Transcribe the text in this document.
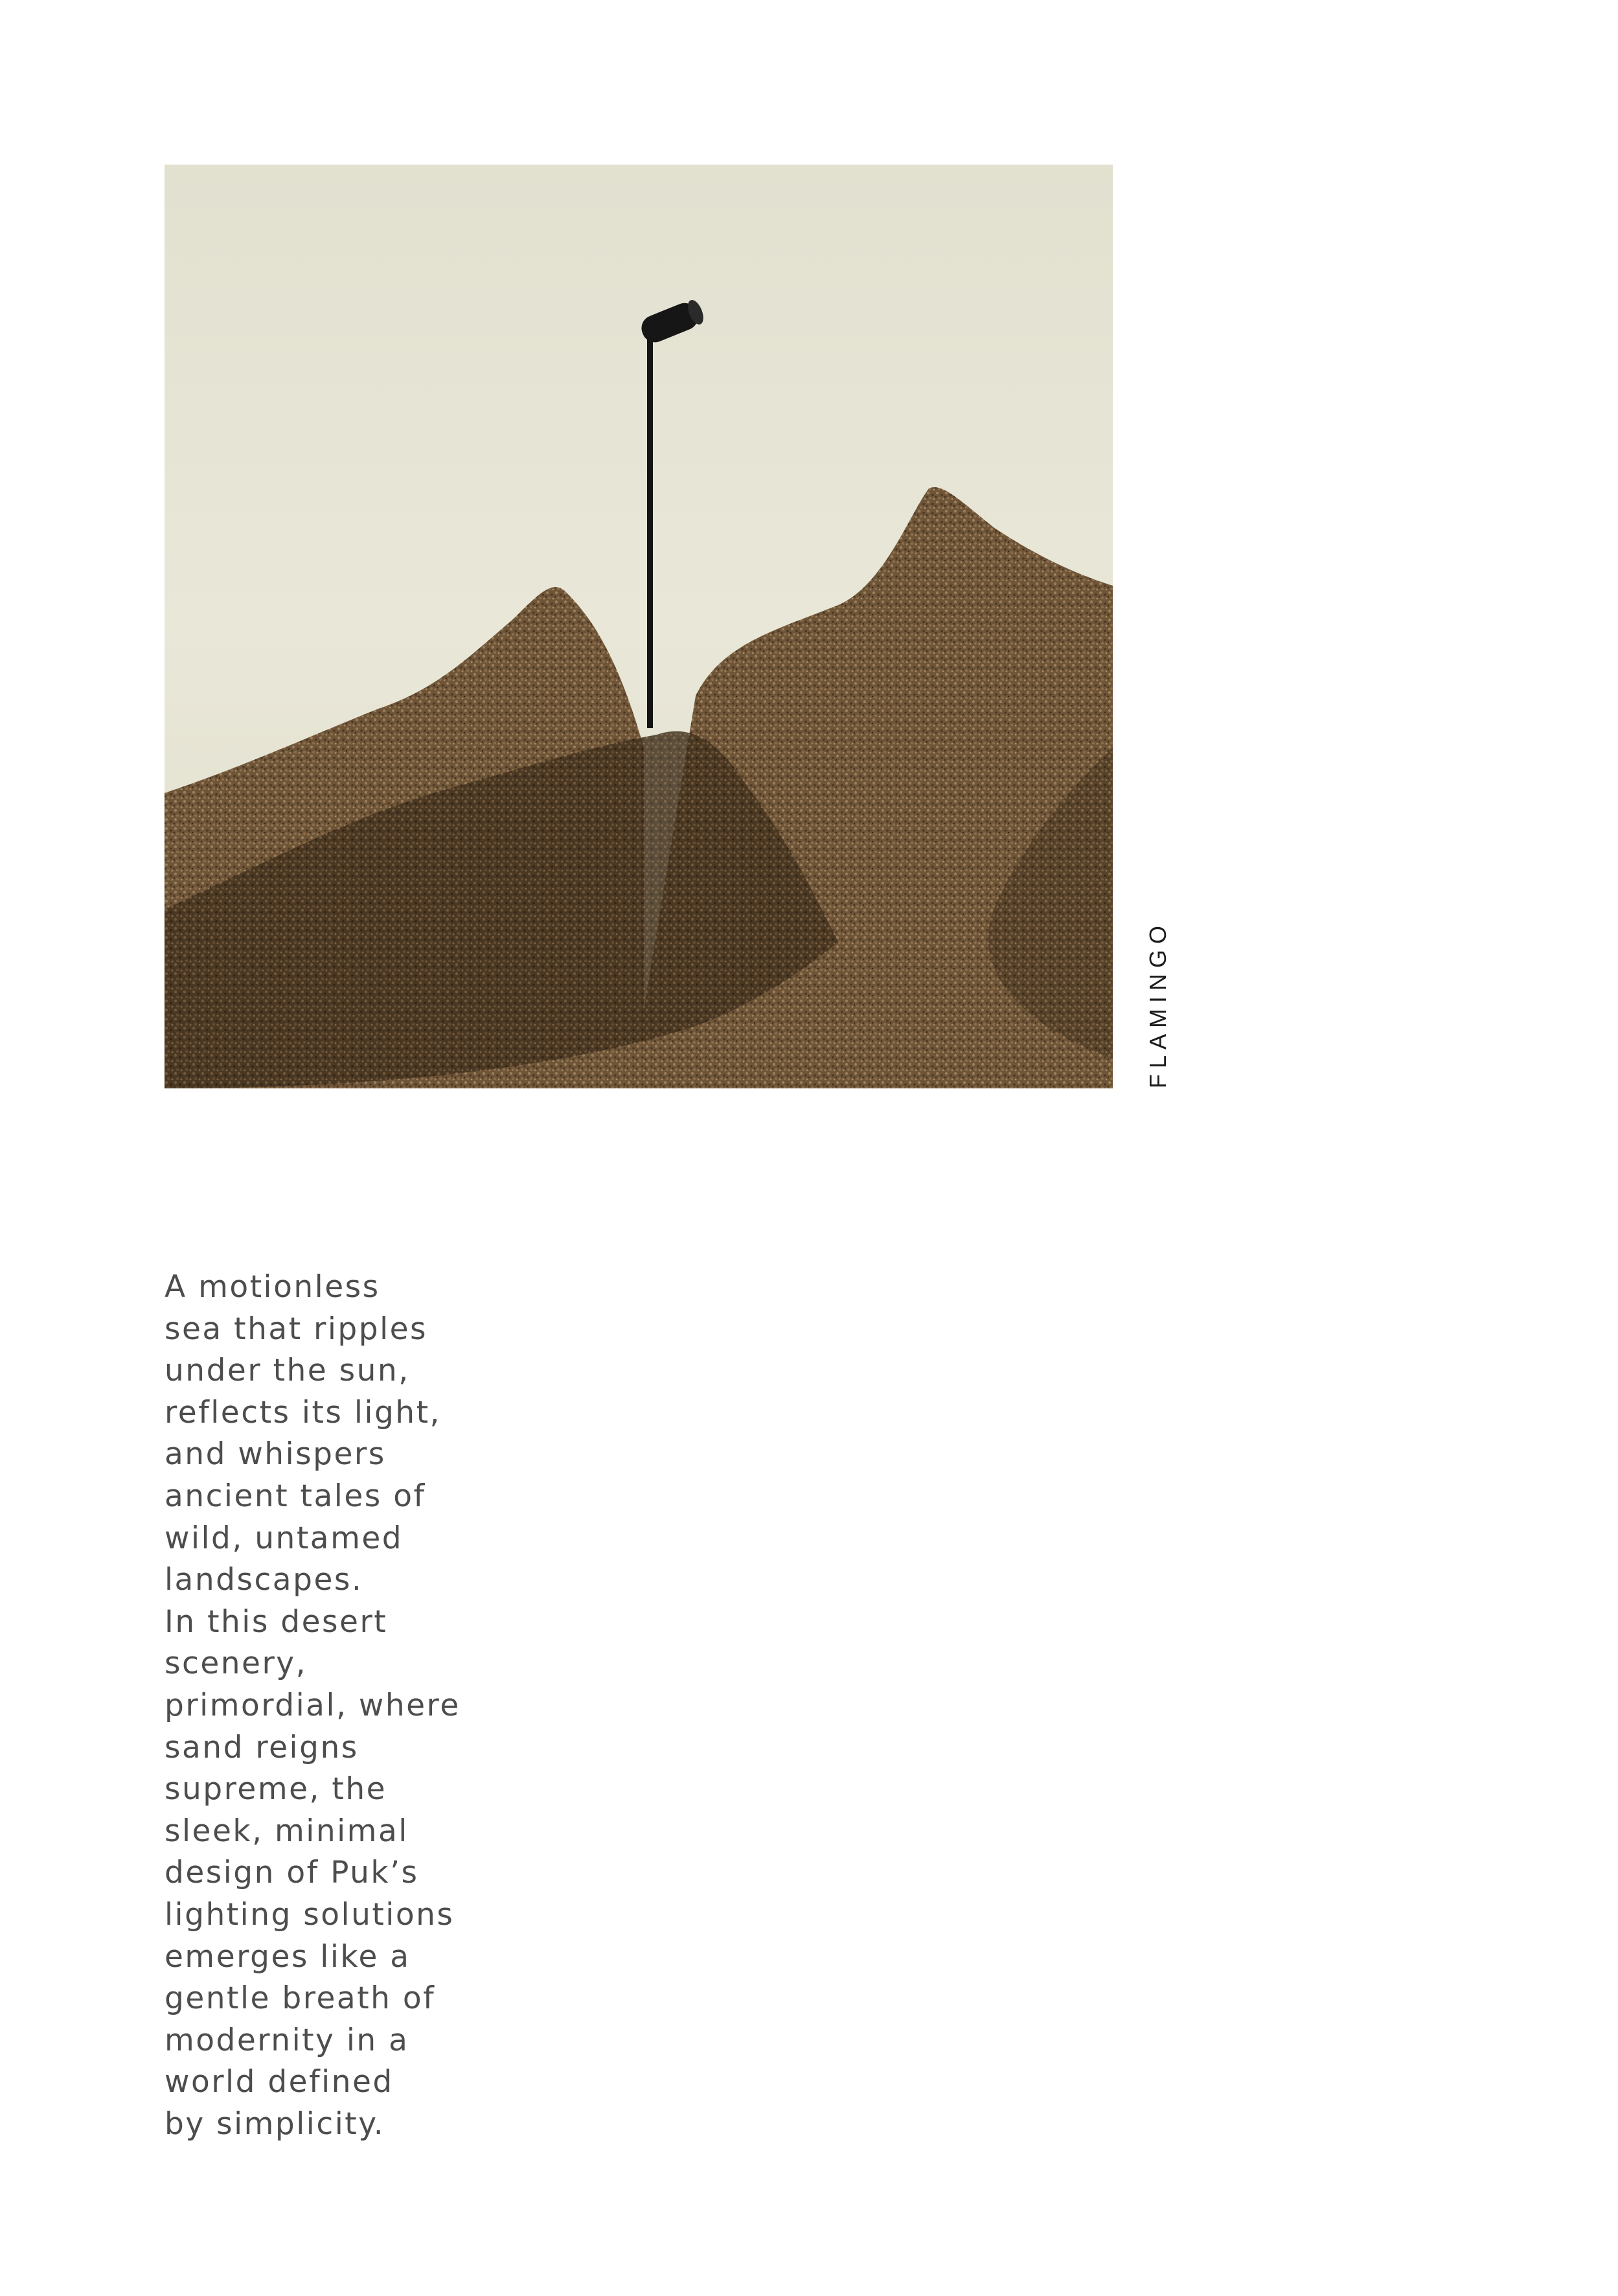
FLAMINGO
A motionless
sea that ripples
under the sun,
reflects its light,
and whispers
ancient tales of
wild, untamed
landscapes.
In this desert
scenery,
primordial, where
sand reigns
supreme, the
sleek, minimal
design of Puk’s
lighting solutions
emerges like a
gentle breath of
modernity in a
world defined
by simplicity.
